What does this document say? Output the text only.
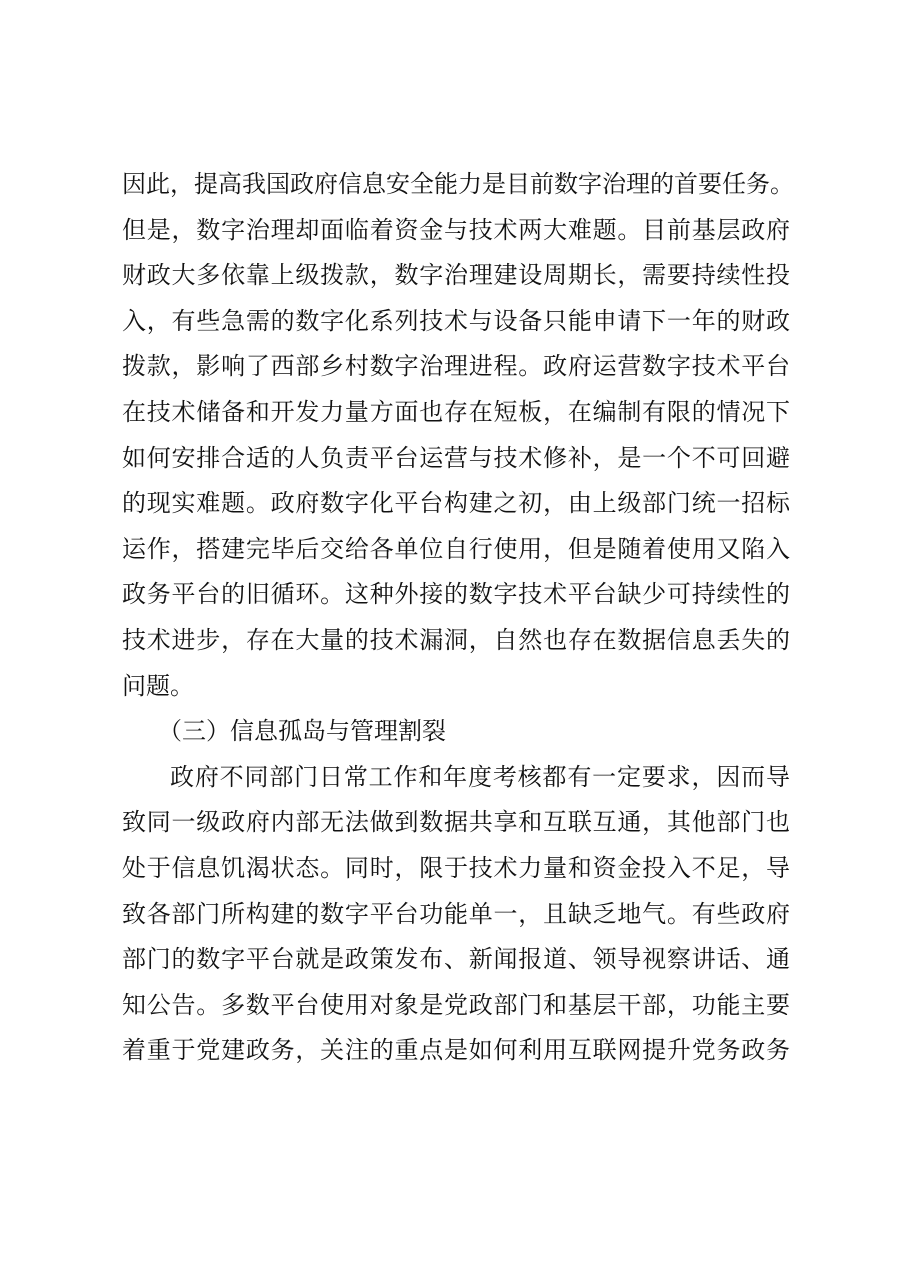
因此，提高我国政府信息安全能力是目前数字治理的首要任务。
但是，数字治理却面临着资金与技术两大难题。目前基层政府
财政大多依靠上级拨款，数字治理建设周期长，需要持续性投
入，有些急需的数字化系列技术与设备只能申请下一年的财政
拨款，影响了西部乡村数字治理进程。政府运营数字技术平台
在技术储备和开发力量方面也存在短板，在编制有限的情况下
如何安排合适的人负责平台运营与技术修补，是一个不可回避
的现实难题。政府数字化平台构建之初，由上级部门统一招标
运作，搭建完毕后交给各单位自行使用，但是随着使用又陷入
政务平台的旧循环。这种外接的数字技术平台缺少可持续性的
技术进步，存在大量的技术漏洞，自然也存在数据信息丢失的
问题。
（三）信息孤岛与管理割裂
政府不同部门日常工作和年度考核都有一定要求，因而导
致同一级政府内部无法做到数据共享和互联互通，其他部门也
处于信息饥渴状态。同时，限于技术力量和资金投入不足，导
致各部门所构建的数字平台功能单一，且缺乏地气。有些政府
部门的数字平台就是政策发布、新闻报道、领导视察讲话、通
知公告。多数平台使用对象是党政部门和基层干部，功能主要
着重于党建政务，关注的重点是如何利用互联网提升党务政务
